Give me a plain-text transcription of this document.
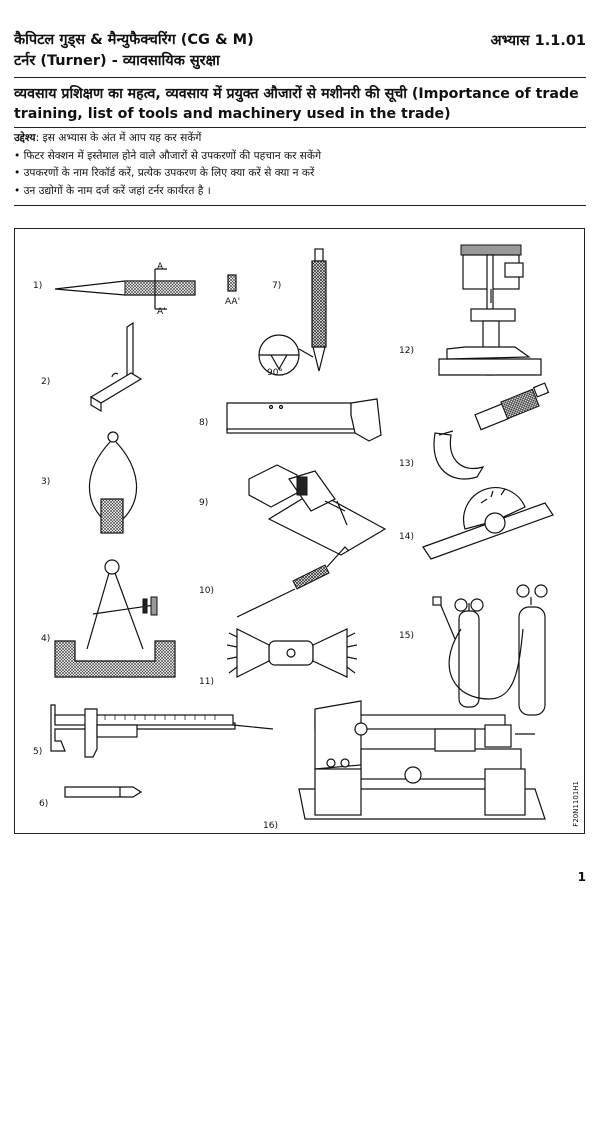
कैपिटल गुड्स & मैन्युफैक्चरिंग (CG & M)
टर्नर (Turner) - व्यावसायिक सुरक्षा
अभ्यास 1.1.01
व्यवसाय प्रशिक्षण का महत्व, व्यवसाय में प्रयुक्त औजारों से मशीनरी की सूची (Importance of trade training, list of tools and machinery used in the trade)
उद्देश्य: इस अभ्यास के अंत में आप यह कर सकेंगें
• फिटर सेक्शन में इस्तेमाल होने वाले औजारों से उपकरणों की पहचान कर सकेंगे
• उपकरणों के नाम रिकॉर्ड करें, प्रत्येक उपकरण के लिए क्या करें से क्या न करें
• उन उद्योगों के नाम दर्ज करें जहां टर्नर कार्यरत है ।
1)
2)
3)
4)
5)
6)
7)
8)
9)
10)
11)
12)
13)
14)
15)
16)
A
A'
AA'
90°
F20N1101H1
1
